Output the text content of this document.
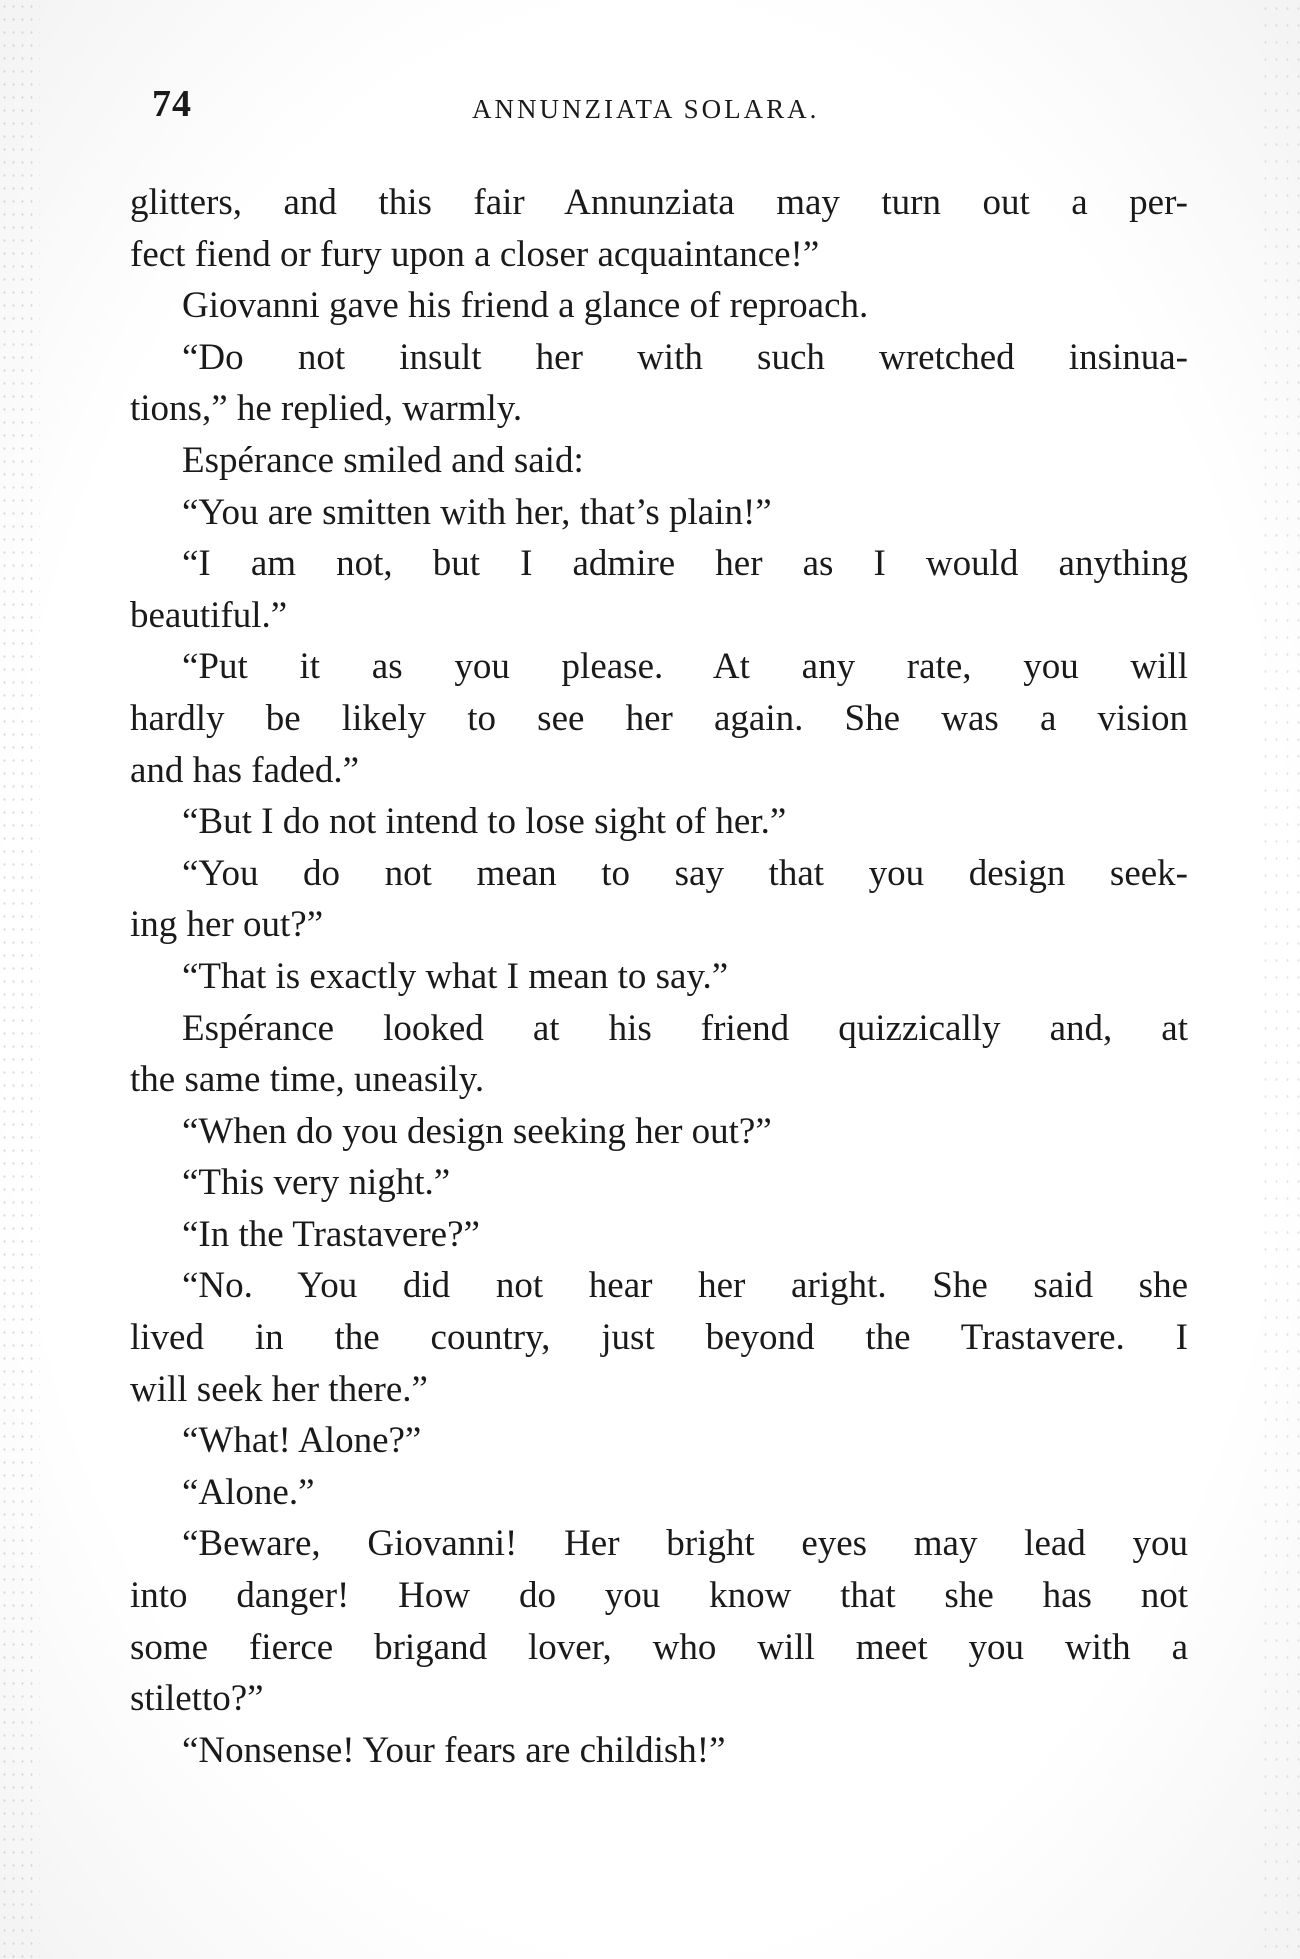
74	ANNUNZIATA SOLARA.
glitters, and this fair Annunziata may turn out a per-
fect fiend or fury upon a closer acquaintance!”
Giovanni gave his friend a glance of reproach.
“Do not insult her with such wretched insinua-
tions,” he replied, warmly.
Espérance smiled and said:
“You are smitten with her, that’s plain!”
“I am not, but I admire her as I would anything
beautiful.”
“Put it as you please. At any rate, you will
hardly be likely to see her again. She was a vision
and has faded.”
“But I do not intend to lose sight of her.”
“You do not mean to say that you design seek-
ing her out?”
“That is exactly what I mean to say.”
Espérance looked at his friend quizzically and, at
the same time, uneasily.
“When do you design seeking her out?”
“This very night.”
“In the Trastavere?”
“No. You did not hear her aright. She said she
lived in the country, just beyond the Trastavere. I
will seek her there.”
“What! Alone?”
“Alone.”
“Beware, Giovanni! Her bright eyes may lead you
into danger! How do you know that she has not
some fierce brigand lover, who will meet you with a
stiletto?”
“Nonsense! Your fears are childish!”
